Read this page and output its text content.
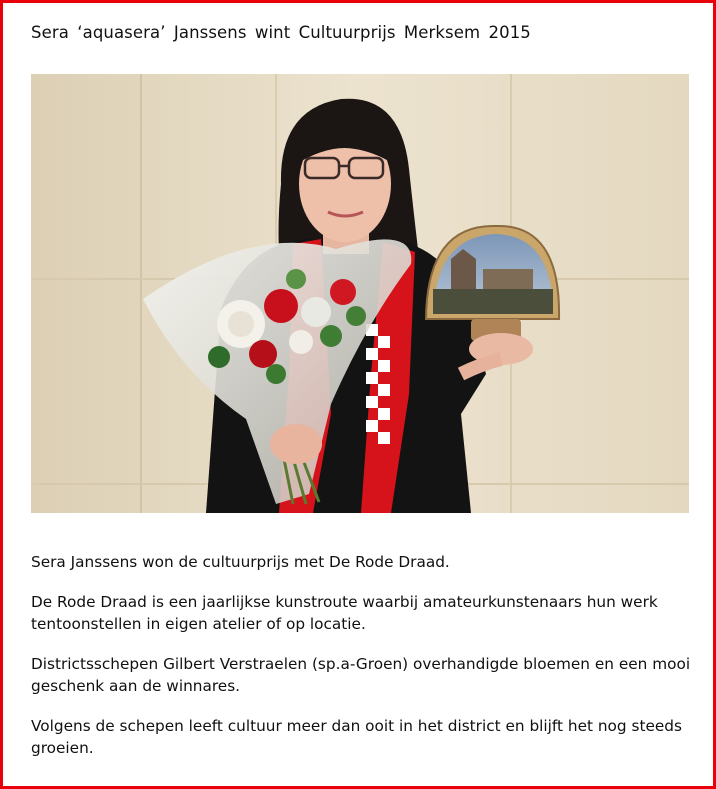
Sera ‘aquasera’ Janssens wint Cultuurprijs Merksem 2015

Sera Janssens won de cultuurprijs met De Rode Draad.

De Rode Draad is een jaarlijkse kunstroute waarbij amateurkunstenaars hun werk tentoonstellen in eigen atelier of op locatie.

Districtsschepen Gilbert Verstraelen (sp.a-Groen) overhandigde bloemen en een mooi geschenk aan de winnares.

Volgens de schepen leeft cultuur meer dan ooit in het district en blijft het nog steeds groeien.
